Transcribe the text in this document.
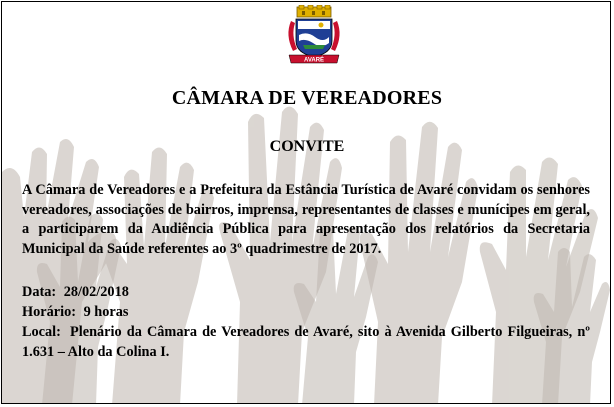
AVARÉ
CÂMARA DE VEREADORES
CONVITE
A Câmara de Vereadores e a Prefeitura da Estância Turística de Avaré convidam os senhores vereadores, associações de bairros, imprensa, representantes de classes e munícipes em geral, a participarem da Audiência Pública para apresentação dos relatórios da Secretaria Municipal da Saúde referentes ao 3º quadrimestre de 2017.
Data: 28/02/2018
Horário: 9 horas
Local: Plenário da Câmara de Vereadores de Avaré, sito à Avenida Gilberto Filgueiras, nº 1.631 – Alto da Colina I.
